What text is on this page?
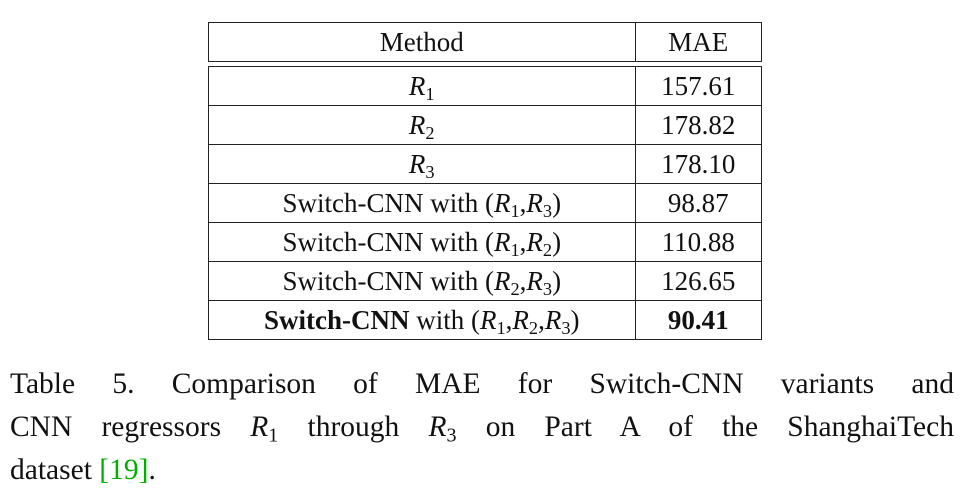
Method	MAE

$R_1$	157.61
$R_2$	178.82
$R_3$	178.10
Switch-CNN with $(R_1,R_3)$	98.87
Switch-CNN with $(R_1,R_2)$	110.88
Switch-CNN with $(R_2,R_3)$	126.65
Switch-CNN with $(R_1,R_2,R_3)$	90.41
Table 5. Comparison of MAE for Switch-CNN variants and
CNN regressors $R_1$ through $R_3$ on Part A of the ShanghaiTech
dataset [19].
